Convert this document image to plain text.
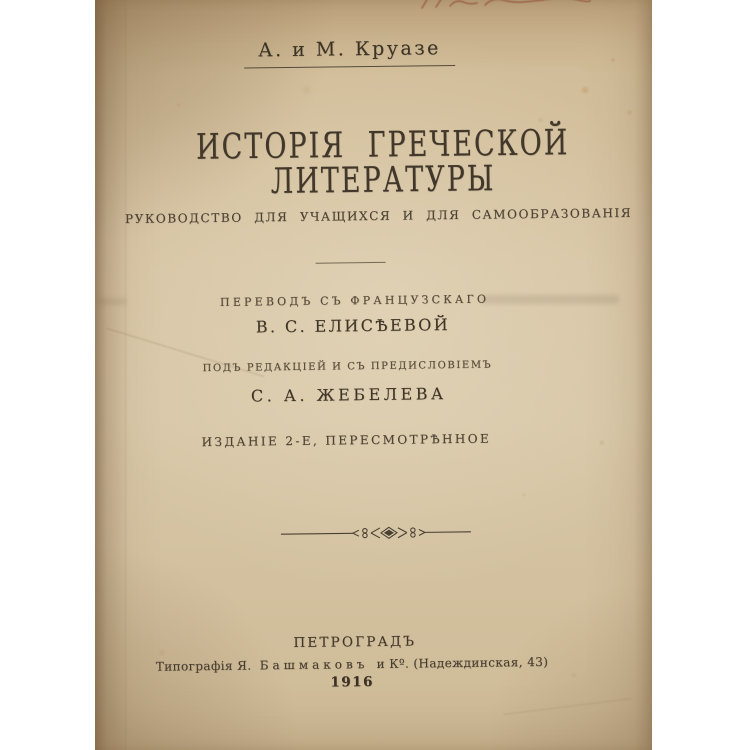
А. и М. Круазе
ИСТОРІЯ ГРЕЧЕСКОЙ ЛИТЕРАТУРЫ
РУКОВОДСТВО ДЛЯ УЧАЩИХСЯ И ДЛЯ САМООБРАЗОВАНІЯ
ПЕРЕВОДЪ СЪ ФРАНЦУЗСКАГО
В. С. ЕЛИСѢЕВОЙ
ПОДЪ РЕДАКЦІЕЙ И СЪ ПРЕДИСЛОВІЕМЪ
С. А. ЖЕБЕЛЕВА
ИЗДАНІЕ 2-Е, ПЕРЕСМОТРѢННОЕ
ПЕТРОГРАДЪ
Типографія Я. Башмаковъ и Кº. (Надеждинская, 43)
1916
